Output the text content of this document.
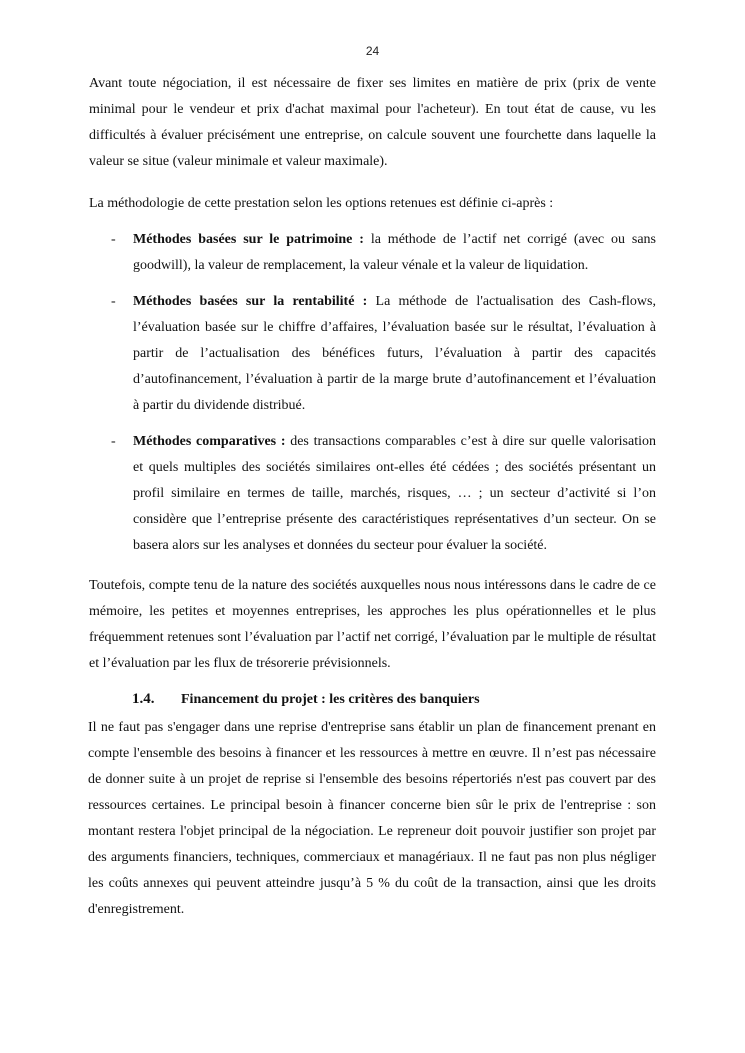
24

Avant toute négociation, il est nécessaire de fixer ses limites en matière de prix (prix de vente minimal pour le vendeur et prix d'achat maximal pour l'acheteur). En tout état de cause, vu les difficultés à évaluer précisément une entreprise, on calcule souvent une fourchette dans laquelle la valeur se situe (valeur minimale et valeur maximale).

La méthodologie de cette prestation selon les options retenues est définie ci-après :

- Méthodes basées sur le patrimoine : la méthode de l’actif net corrigé (avec ou sans goodwill), la valeur de remplacement, la valeur vénale et la valeur de liquidation.
- Méthodes basées sur la rentabilité : La méthode de l'actualisation des Cash-flows, l’évaluation basée sur le chiffre d’affaires, l’évaluation basée sur le résultat, l’évaluation à partir de l’actualisation des bénéfices futurs, l’évaluation à partir des capacités d’autofinancement, l’évaluation à partir de la marge brute d’autofinancement et l’évaluation à partir du dividende distribué.
- Méthodes comparatives : des transactions comparables c’est à dire sur quelle valorisation et quels multiples des sociétés similaires ont-elles été cédées ; des sociétés présentant un profil similaire en termes de taille, marchés, risques, … ; un secteur d’activité si l’on considère que l’entreprise présente des caractéristiques représentatives d’un secteur. On se basera alors sur les analyses et données du secteur pour évaluer la société.

Toutefois, compte tenu de la nature des sociétés auxquelles nous nous intéressons dans le cadre de ce mémoire, les petites et moyennes entreprises, les approches les plus opérationnelles et le plus fréquemment retenues sont l’évaluation par l’actif net corrigé, l’évaluation par le multiple de résultat et l’évaluation par les flux de trésorerie prévisionnels.

1.4.	Financement du projet : les critères des banquiers

Il ne faut pas s'engager dans une reprise d'entreprise sans établir un plan de financement prenant en compte l'ensemble des besoins à financer et les ressources à mettre en œuvre. Il n’est pas nécessaire de donner suite à un projet de reprise si l'ensemble des besoins répertoriés n'est pas couvert par des ressources certaines. Le principal besoin à financer concerne bien sûr le prix de l'entreprise : son montant restera l'objet principal de la négociation. Le repreneur doit pouvoir justifier son projet par des arguments financiers, techniques, commerciaux et managériaux. Il ne faut pas non plus négliger les coûts annexes qui peuvent atteindre jusqu’à 5 % du coût de la transaction, ainsi que les droits d'enregistrement.
